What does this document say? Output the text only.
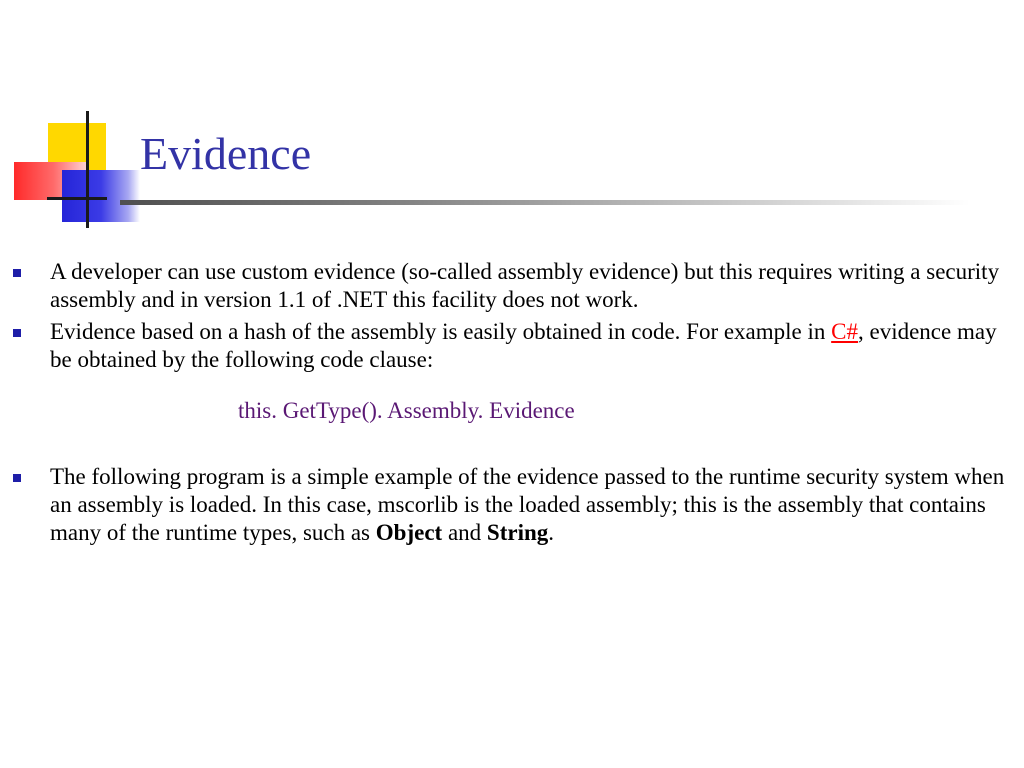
Evidence

A developer can use custom evidence (so-called assembly evidence) but this requires writing a security assembly and in version 1.1 of .NET this facility does not work.

Evidence based on a hash of the assembly is easily obtained in code. For example in C#, evidence may be obtained by the following code clause:

this. GetType(). Assembly. Evidence

The following program is a simple example of the evidence passed to the runtime security system when an assembly is loaded. In this case, mscorlib is the loaded assembly; this is the assembly that contains many of the runtime types, such as Object and String.
